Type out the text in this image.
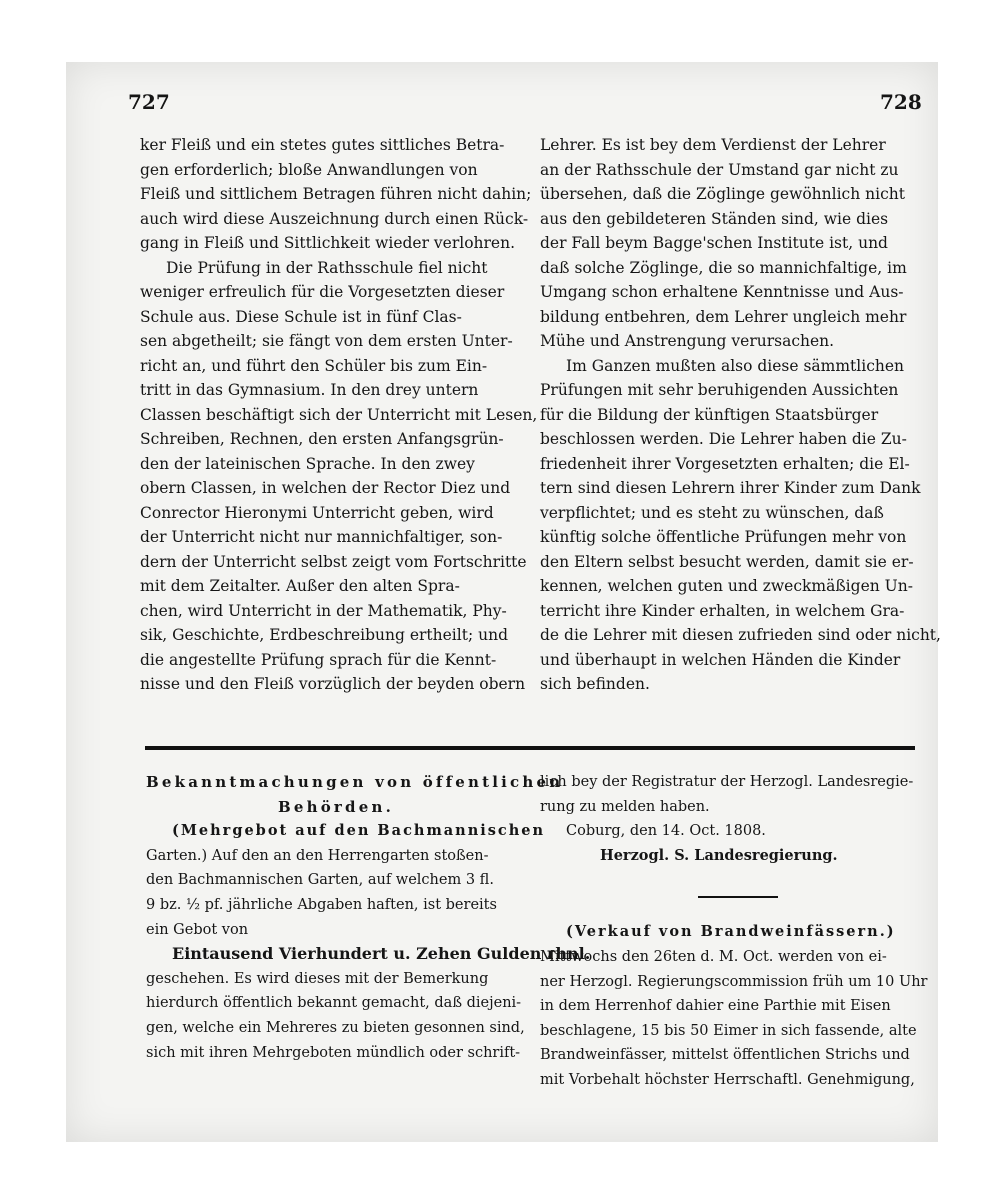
727	728

ker Fleiß und ein stetes gutes sittliches Betra-

gen erforderlich; bloße Anwandlungen von

Fleiß und sittlichem Betragen führen nicht dahin;

auch wird diese Auszeichnung durch einen Rück-

gang in Fleiß und Sittlichkeit wieder verlohren.

Die Prüfung in der Rathsschule fiel nicht

weniger erfreulich für die Vorgesetzten dieser

Schule aus. Diese Schule ist in fünf Clas-

sen abgetheilt; sie fängt von dem ersten Unter-

richt an, und führt den Schüler bis zum Ein-

tritt in das Gymnasium. In den drey untern

Classen beschäftigt sich der Unterricht mit Lesen,

Schreiben, Rechnen, den ersten Anfangsgrün-

den der lateinischen Sprache. In den zwey

obern Classen, in welchen der Rector Diez und

Conrector Hieronymi Unterricht geben, wird

der Unterricht nicht nur mannichfaltiger, son-

dern der Unterricht selbst zeigt vom Fortschritte

mit dem Zeitalter. Außer den alten Spra-

chen, wird Unterricht in der Mathematik, Phy-

sik, Geschichte, Erdbeschreibung ertheilt; und

die angestellte Prüfung sprach für die Kennt-

nisse und den Fleiß vorzüglich der beyden obern

Lehrer. Es ist bey dem Verdienst der Lehrer

an der Rathsschule der Umstand gar nicht zu

übersehen, daß die Zöglinge gewöhnlich nicht

aus den gebildeteren Ständen sind, wie dies

der Fall beym Bagge'schen Institute ist, und

daß solche Zöglinge, die so mannichfaltige, im

Umgang schon erhaltene Kenntnisse und Aus-

bildung entbehren, dem Lehrer ungleich mehr

Mühe und Anstrengung verursachen.

Im Ganzen mußten also diese sämmtlichen

Prüfungen mit sehr beruhigenden Aussichten

für die Bildung der künftigen Staatsbürger

beschlossen werden. Die Lehrer haben die Zu-

friedenheit ihrer Vorgesetzten erhalten; die El-

tern sind diesen Lehrern ihrer Kinder zum Dank

verpflichtet; und es steht zu wünschen, daß

künftig solche öffentliche Prüfungen mehr von

den Eltern selbst besucht werden, damit sie er-

kennen, welchen guten und zweckmäßigen Un-

terricht ihre Kinder erhalten, in welchem Gra-

de die Lehrer mit diesen zufrieden sind oder nicht,

und überhaupt in welchen Händen die Kinder

sich befinden.

Bekanntmachungen von öffentlichen

Behörden.

(Mehrgebot auf den Bachmannischen

Garten.) Auf den an den Herrengarten stoßen-

den Bachmannischen Garten, auf welchem 3 fl.

9 bz. ½ pf. jährliche Abgaben haften, ist bereits

ein Gebot von

Eintausend Vierhundert u. Zehen Gulden rhnl.

geschehen. Es wird dieses mit der Bemerkung

hierdurch öffentlich bekannt gemacht, daß diejeni-

gen, welche ein Mehreres zu bieten gesonnen sind,

sich mit ihren Mehrgeboten mündlich oder schrift-

lich bey der Registratur der Herzogl. Landesregie-

rung zu melden haben.

Coburg, den 14. Oct. 1808.

Herzogl. S. Landesregierung.

(Verkauf von Brandweinfässern.)

Mittwochs den 26ten d. M. Oct. werden von ei-

ner Herzogl. Regierungscommission früh um 10 Uhr

in dem Herrenhof dahier eine Parthie mit Eisen

beschlagene, 15 bis 50 Eimer in sich fassende, alte

Brandweinfässer, mittelst öffentlichen Strichs und

mit Vorbehalt höchster Herrschaftl. Genehmigung,
